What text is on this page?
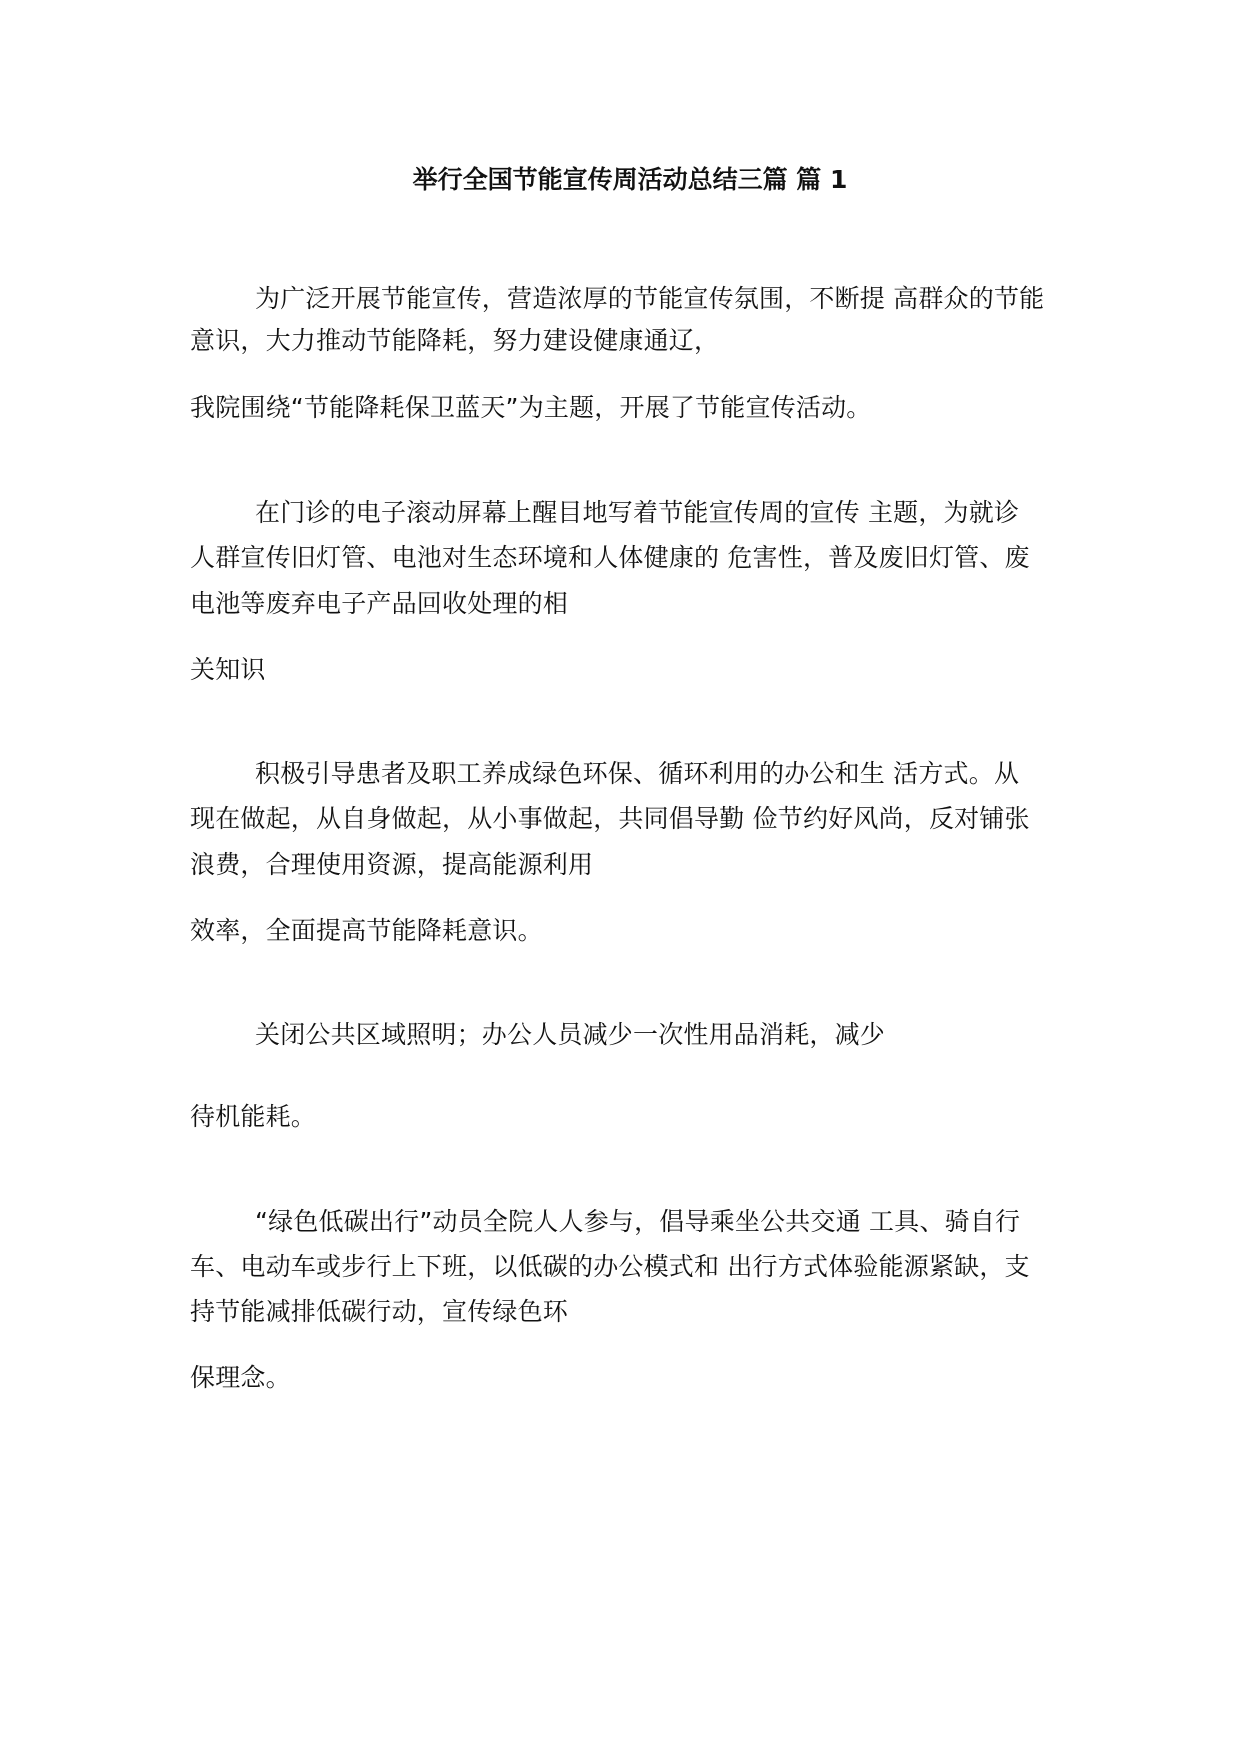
举行全国节能宣传周活动总结三篇 篇 1
为广泛开展节能宣传，营造浓厚的节能宣传氛围，不断提 高群众的节能
意识，大力推动节能降耗，努力建设健康通辽，
我院围绕“节能降耗保卫蓝天”为主题，开展了节能宣传活动。
在门诊的电子滚动屏幕上醒目地写着节能宣传周的宣传 主题，为就诊
人群宣传旧灯管、电池对生态环境和人体健康的 危害性，普及废旧灯管、废
电池等废弃电子产品回收处理的相
关知识
积极引导患者及职工养成绿色环保、循环利用的办公和生 活方式。从
现在做起，从自身做起，从小事做起，共同倡导勤 俭节约好风尚，反对铺张
浪费，合理使用资源，提高能源利用
效率，全面提高节能降耗意识。
关闭公共区域照明；办公人员减少一次性用品消耗，减少
待机能耗。
“绿色低碳出行”动员全院人人参与，倡导乘坐公共交通 工具、骑自行
车、电动车或步行上下班，以低碳的办公模式和 出行方式体验能源紧缺，支
持节能减排低碳行动，宣传绿色环
保理念。
